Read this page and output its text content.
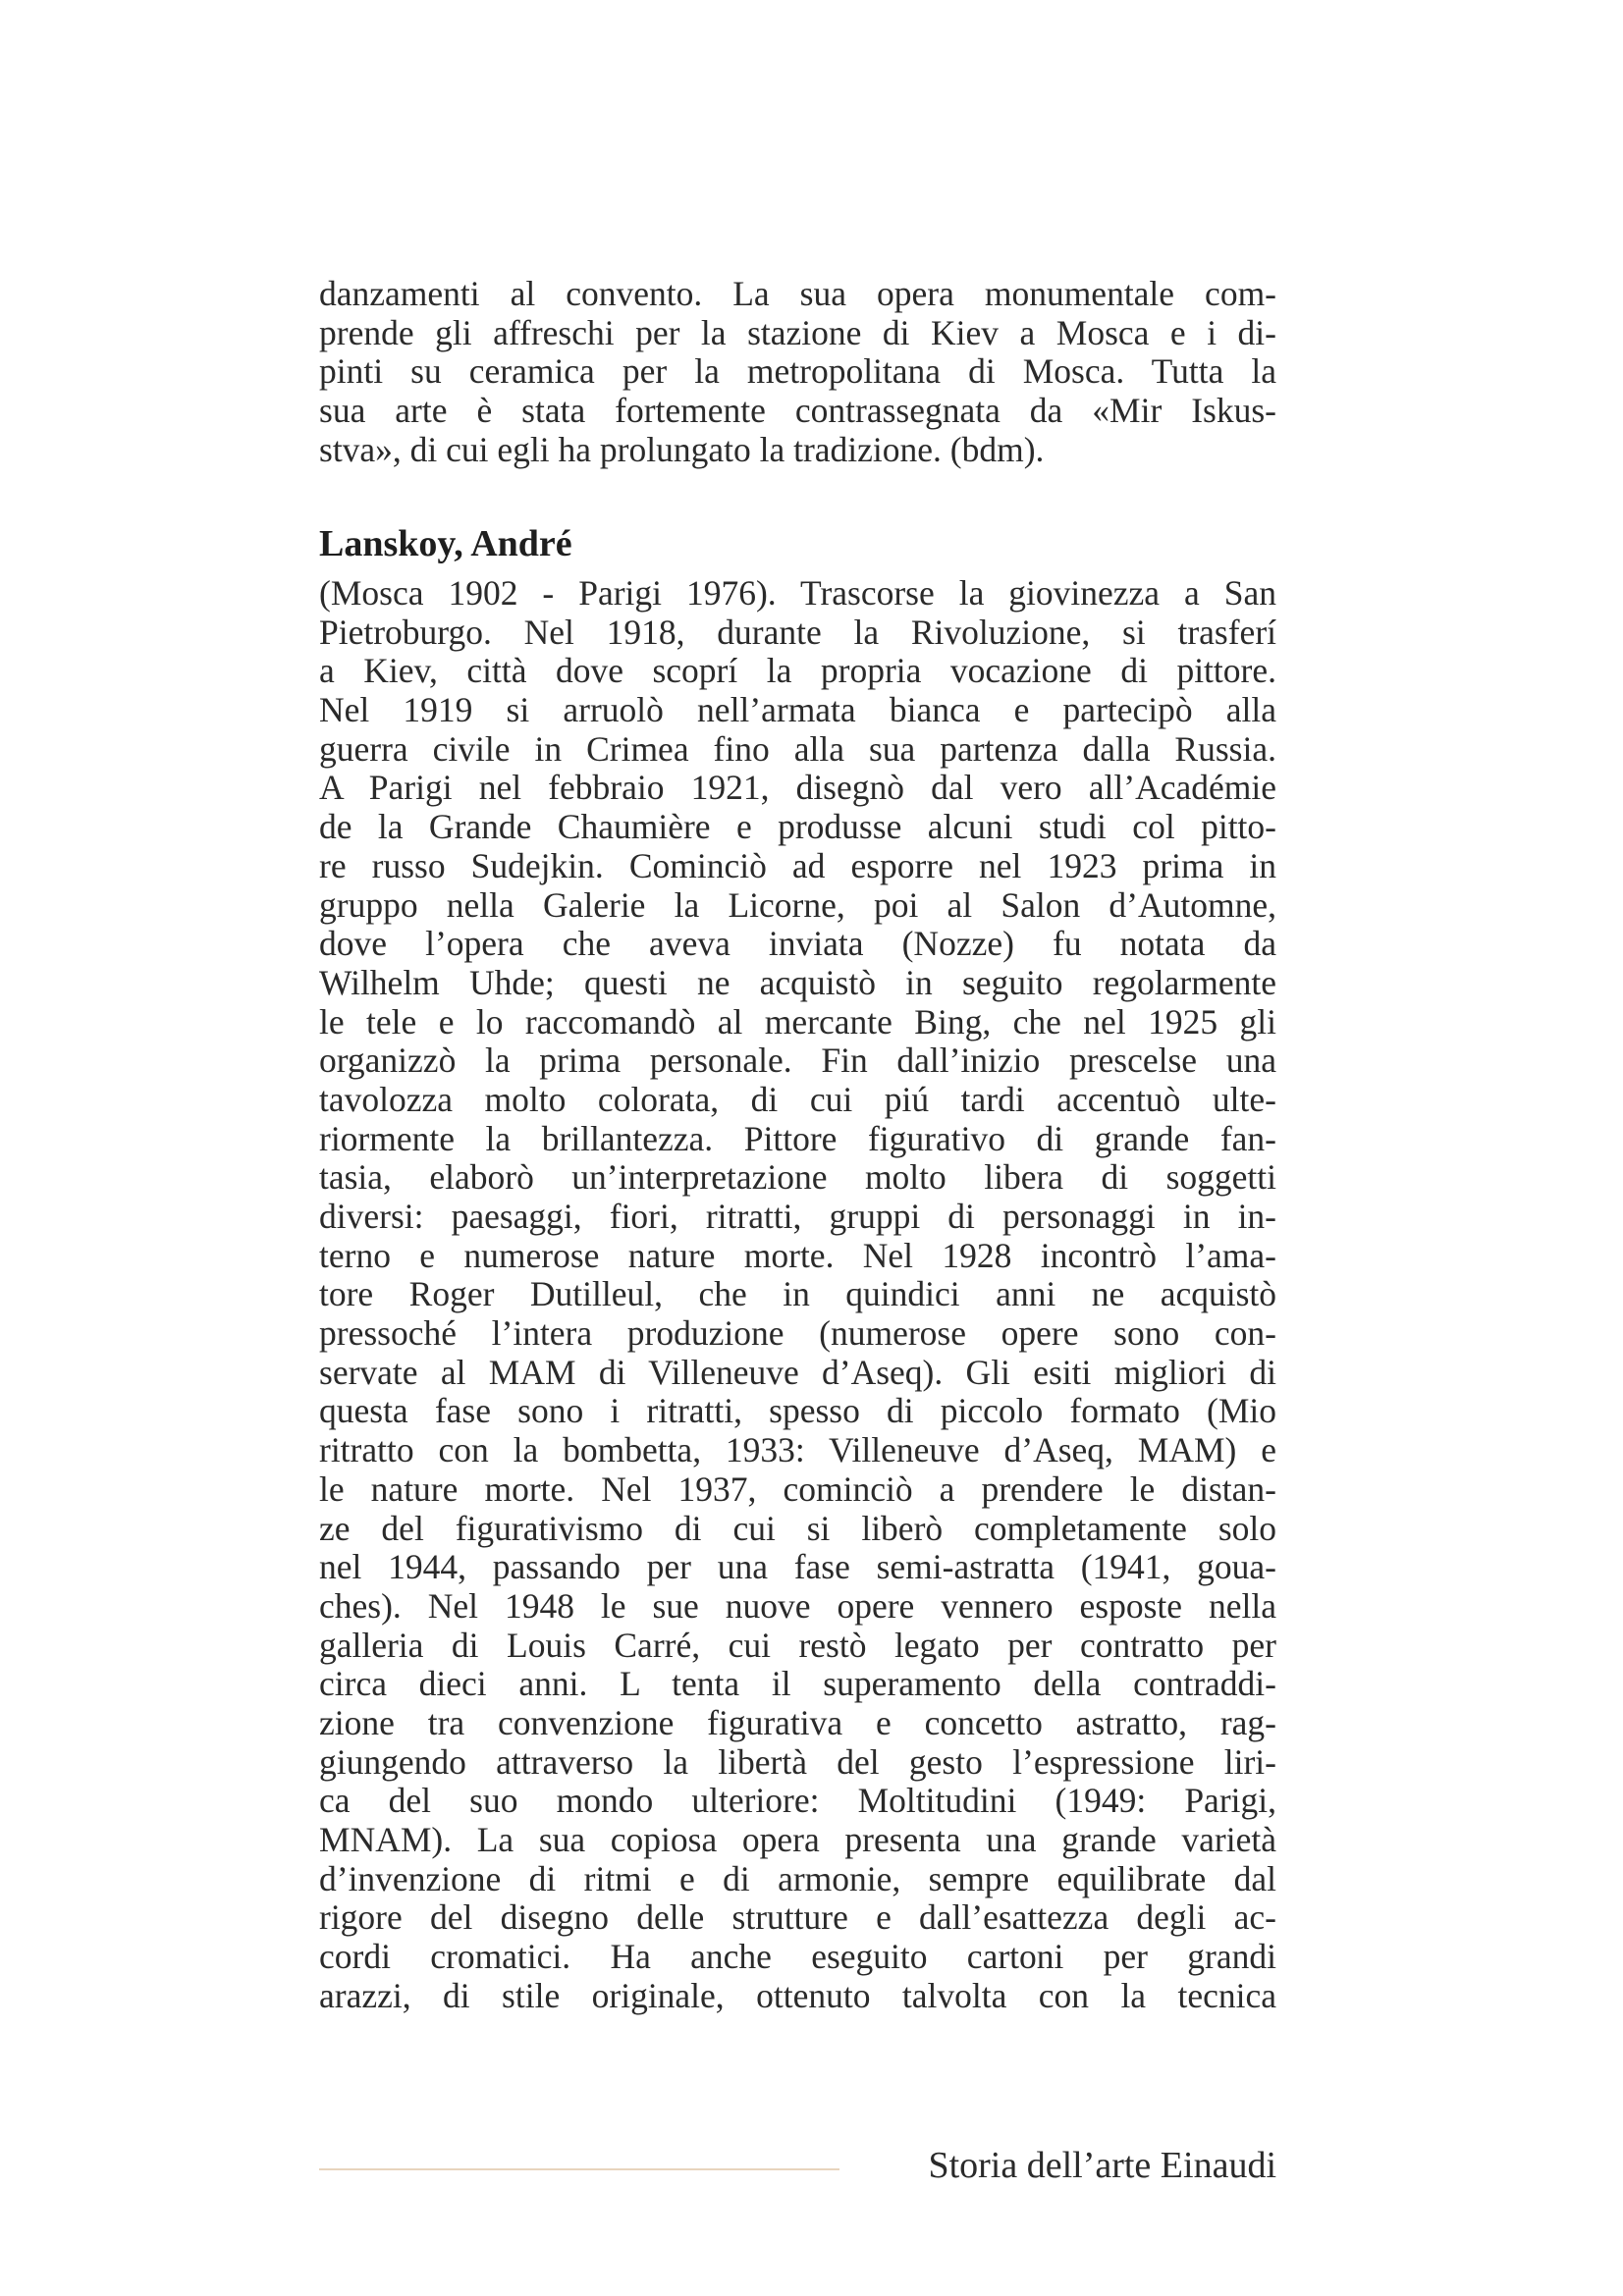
danzamenti al convento. La sua opera monumentale com-
prende gli affreschi per la stazione di Kiev a Mosca e i di-
pinti su ceramica per la metropolitana di Mosca. Tutta la
sua arte è stata fortemente contrassegnata da «Mir Iskus-
stva», di cui egli ha prolungato la tradizione. (bdm).
Lanskoy, André
(Mosca 1902 - Parigi 1976). Trascorse la giovinezza a San
Pietroburgo. Nel 1918, durante la Rivoluzione, si trasferí
a Kiev, città dove scoprí la propria vocazione di pittore.
Nel 1919 si arruolò nell’armata bianca e partecipò alla
guerra civile in Crimea fino alla sua partenza dalla Russia.
A Parigi nel febbraio 1921, disegnò dal vero all’Académie
de la Grande Chaumière e produsse alcuni studi col pitto-
re russo Sudejkin. Cominciò ad esporre nel 1923 prima in
gruppo nella Galerie la Licorne, poi al Salon d’Automne,
dove l’opera che aveva inviata (Nozze) fu notata da
Wilhelm Uhde; questi ne acquistò in seguito regolarmente
le tele e lo raccomandò al mercante Bing, che nel 1925 gli
organizzò la prima personale. Fin dall’inizio prescelse una
tavolozza molto colorata, di cui piú tardi accentuò ulte-
riormente la brillantezza. Pittore figurativo di grande fan-
tasia, elaborò un’interpretazione molto libera di soggetti
diversi: paesaggi, fiori, ritratti, gruppi di personaggi in in-
terno e numerose nature morte. Nel 1928 incontrò l’ama-
tore Roger Dutilleul, che in quindici anni ne acquistò
pressoché l’intera produzione (numerose opere sono con-
servate al MAM di Villeneuve d’Aseq). Gli esiti migliori di
questa fase sono i ritratti, spesso di piccolo formato (Mio
ritratto con la bombetta, 1933: Villeneuve d’Aseq, MAM) e
le nature morte. Nel 1937, cominciò a prendere le distan-
ze del figurativismo di cui si liberò completamente solo
nel 1944, passando per una fase semi-astratta (1941, goua-
ches). Nel 1948 le sue nuove opere vennero esposte nella
galleria di Louis Carré, cui restò legato per contratto per
circa dieci anni. L tenta il superamento della contraddi-
zione tra convenzione figurativa e concetto astratto, rag-
giungendo attraverso la libertà del gesto l’espressione liri-
ca del suo mondo ulteriore: Moltitudini (1949: Parigi,
MNAM). La sua copiosa opera presenta una grande varietà
d’invenzione di ritmi e di armonie, sempre equilibrate dal
rigore del disegno delle strutture e dall’esattezza degli ac-
cordi cromatici. Ha anche eseguito cartoni per grandi
arazzi, di stile originale, ottenuto talvolta con la tecnica
Storia dell’arte Einaudi
